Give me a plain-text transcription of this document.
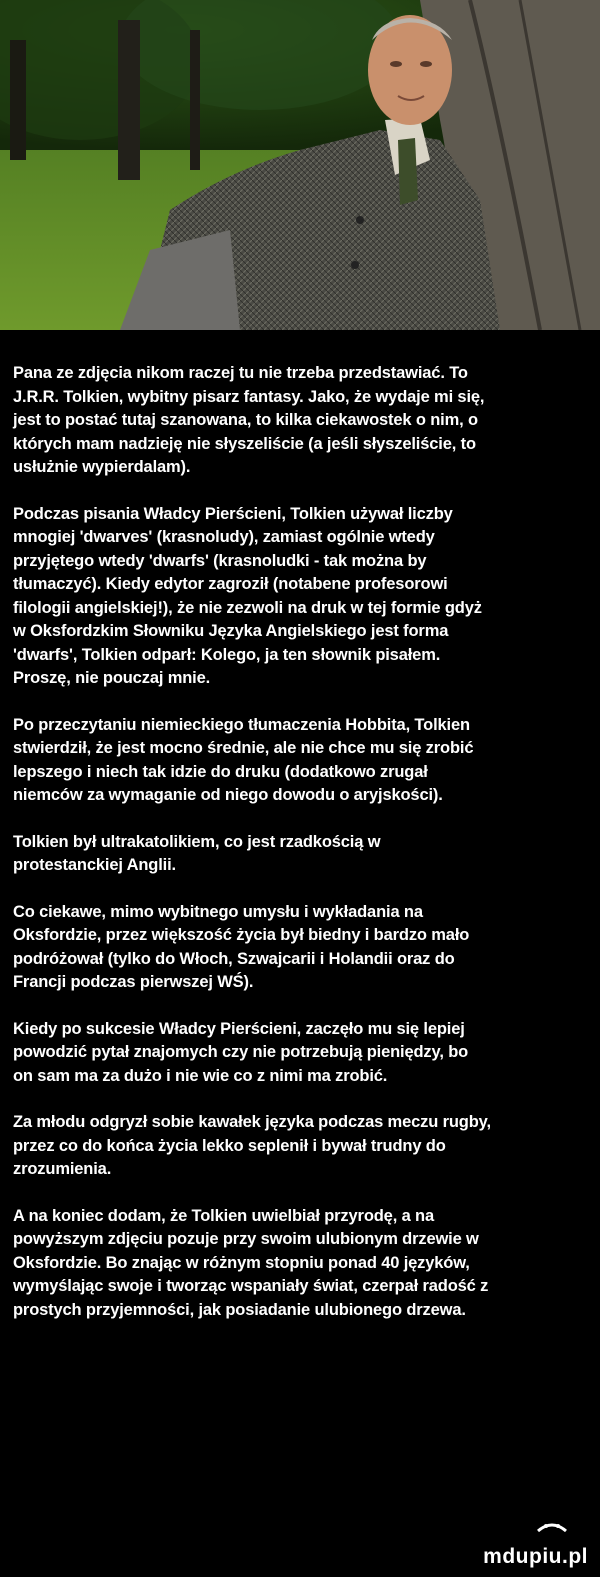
Pana ze zdjęcia nikom raczej tu nie trzeba przedstawiać. To
J.R.R. Tolkien, wybitny pisarz fantasy. Jako, że wydaje mi się,
jest to postać tutaj szanowana, to kilka ciekawostek o nim, o
których mam nadzieję nie słyszeliście (a jeśli słyszeliście, to
usłużnie wypierdalam).

Podczas pisania Władcy Pierścieni, Tolkien używał liczby
mnogiej 'dwarves' (krasnoludy), zamiast ogólnie wtedy
przyjętego wtedy 'dwarfs' (krasnoludki - tak można by
tłumaczyć). Kiedy edytor zagroził (notabene profesorowi
filologii angielskiej!), że nie zezwoli na druk w tej formie gdyż
w Oksfordzkim Słowniku Języka Angielskiego jest forma
'dwarfs', Tolkien odparł: Kolego, ja ten słownik pisałem.
Proszę, nie pouczaj mnie.

Po przeczytaniu niemieckiego tłumaczenia Hobbita, Tolkien
stwierdził, że jest mocno średnie, ale nie chce mu się zrobić
lepszego i niech tak idzie do druku (dodatkowo zrugał
niemców za wymaganie od niego dowodu o aryjskości).

Tolkien był ultrakatolikiem, co jest rzadkością w
protestanckiej Anglii.

Co ciekawe, mimo wybitnego umysłu i wykładania na
Oksfordzie, przez większość życia był biedny i bardzo mało
podróżował (tylko do Włoch, Szwajcarii i Holandii oraz do
Francji podczas pierwszej WŚ).

Kiedy po sukcesie Władcy Pierścieni, zaczęło mu się lepiej
powodzić pytał znajomych czy nie potrzebują pieniędzy, bo
on sam ma za dużo i nie wie co z nimi ma zrobić.

Za młodu odgryzł sobie kawałek języka podczas meczu rugby,
przez co do końca życia lekko seplenił i bywał trudny do
zrozumienia.

A na koniec dodam, że Tolkien uwielbiał przyrodę, a na
powyższym zdjęciu pozuje przy swoim ulubionym drzewie w
Oksfordzie. Bo znając w różnym stopniu ponad 40 języków,
wymyślając swoje i tworząc wspaniały świat, czerpał radość z
prostych przyjemności, jak posiadanie ulubionego drzewa.

mdupiu.pl
